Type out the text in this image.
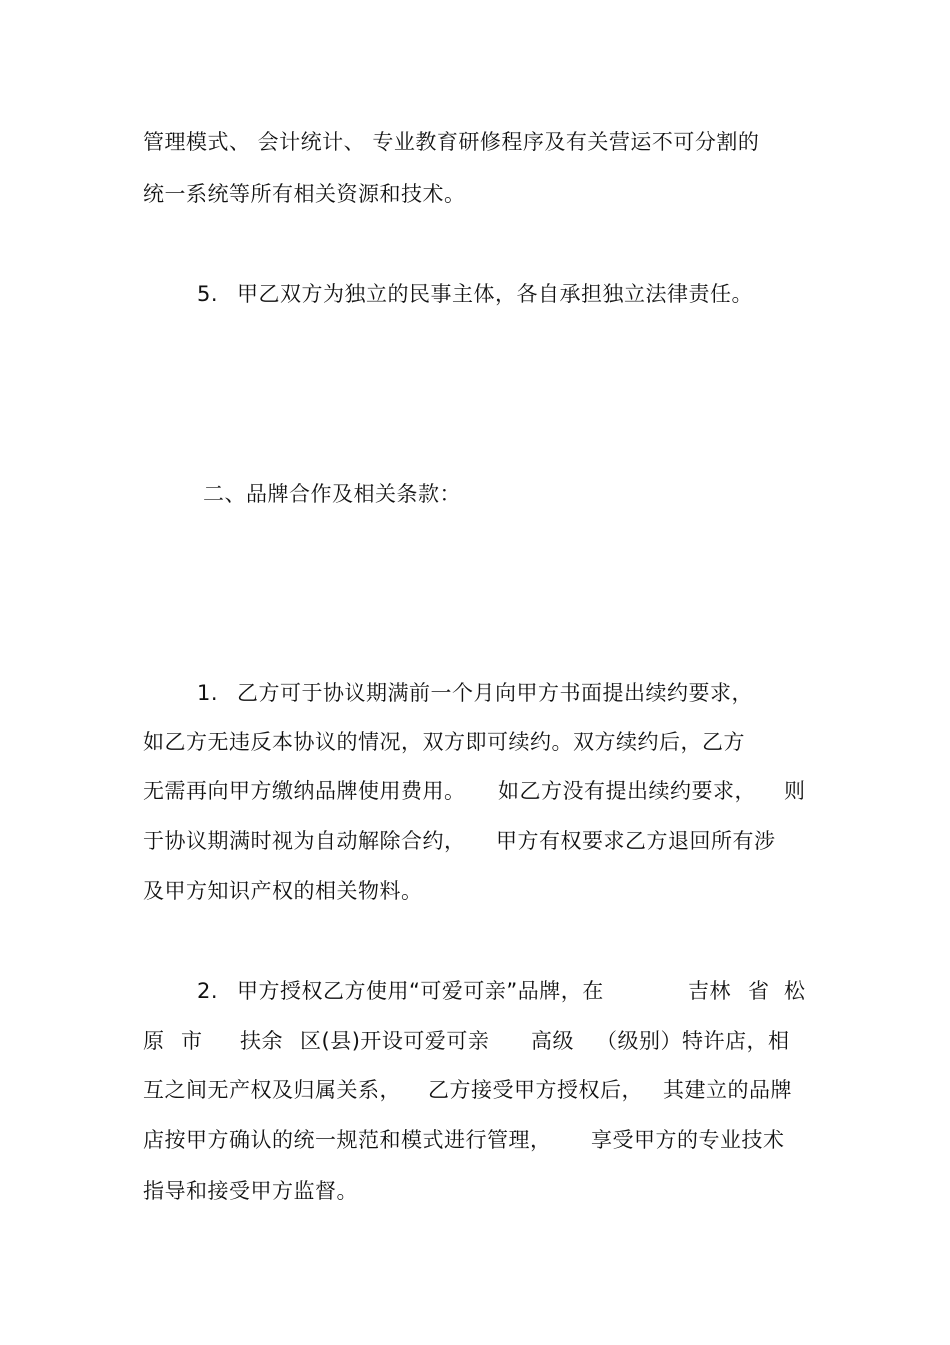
管理模式、 会计统计、 专业教育研修程序及有关营运不可分割的
统一系统等所有相关资源和技术。
5. 甲乙双方为独立的民事主体，各自承担独立法律责任。
二、品牌合作及相关条款：
1. 乙方可于协议期满前一个月向甲方书面提出续约要求，
如乙方无违反本协议的情况，双方即可续约。双方续约后，乙方
无需再向甲方缴纳品牌使用费用。 如乙方没有提出续约要求， 则
于协议期满时视为自动解除合约， 甲方有权要求乙方退回所有涉
及甲方知识产权的相关物料。
2. 甲方授权乙方使用“可爱可亲”品牌，在	吉林 省 松
原 市 扶余 区(县)开设可爱可亲 高级 （级别）特许店，相
互之间无产权及归属关系， 乙方接受甲方授权后， 其建立的品牌
店按甲方确认的统一规范和模式进行管理， 享受甲方的专业技术
指导和接受甲方监督。
